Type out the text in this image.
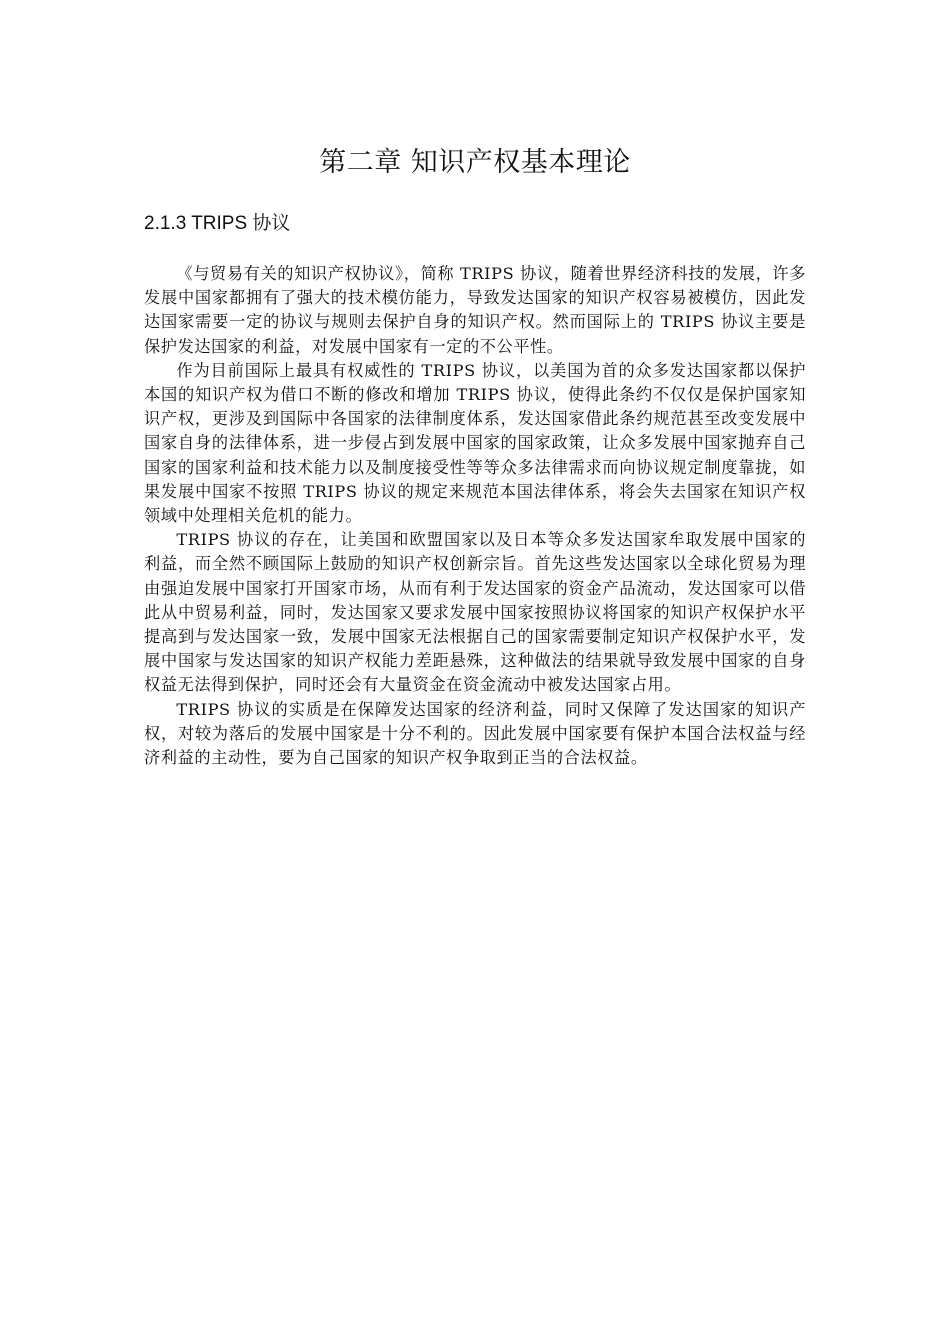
第二章 知识产权基本理论
2.1.3 TRIPS 协议

《与贸易有关的知识产权协议》，简称 TRIPS 协议，随着世界经济科技的发展，许多发展中国家都拥有了强大的技术模仿能力，导致发达国家的知识产权容易被模仿，因此发达国家需要一定的协议与规则去保护自身的知识产权。然而国际上的 TRIPS 协议主要是保护发达国家的利益，对发展中国家有一定的不公平性。

作为目前国际上最具有权威性的 TRIPS 协议，以美国为首的众多发达国家都以保护本国的知识产权为借口不断的修改和增加 TRIPS 协议，使得此条约不仅仅是保护国家知识产权，更涉及到国际中各国家的法律制度体系，发达国家借此条约规范甚至改变发展中国家自身的法律体系，进一步侵占到发展中国家的国家政策，让众多发展中国家抛弃自己国家的国家利益和技术能力以及制度接受性等等众多法律需求而向协议规定制度靠拢，如果发展中国家不按照 TRIPS 协议的规定来规范本国法律体系，将会失去国家在知识产权领域中处理相关危机的能力。

TRIPS 协议的存在，让美国和欧盟国家以及日本等众多发达国家牟取发展中国家的利益，而全然不顾国际上鼓励的知识产权创新宗旨。首先这些发达国家以全球化贸易为理由强迫发展中国家打开国家市场，从而有利于发达国家的资金产品流动，发达国家可以借此从中贸易利益，同时，发达国家又要求发展中国家按照协议将国家的知识产权保护水平提高到与发达国家一致，发展中国家无法根据自己的国家需要制定知识产权保护水平，发展中国家与发达国家的知识产权能力差距悬殊，这种做法的结果就导致发展中国家的自身权益无法得到保护，同时还会有大量资金在资金流动中被发达国家占用。

TRIPS 协议的实质是在保障发达国家的经济利益，同时又保障了发达国家的知识产权，对较为落后的发展中国家是十分不利的。因此发展中国家要有保护本国合法权益与经济利益的主动性，要为自己国家的知识产权争取到正当的合法权益。
